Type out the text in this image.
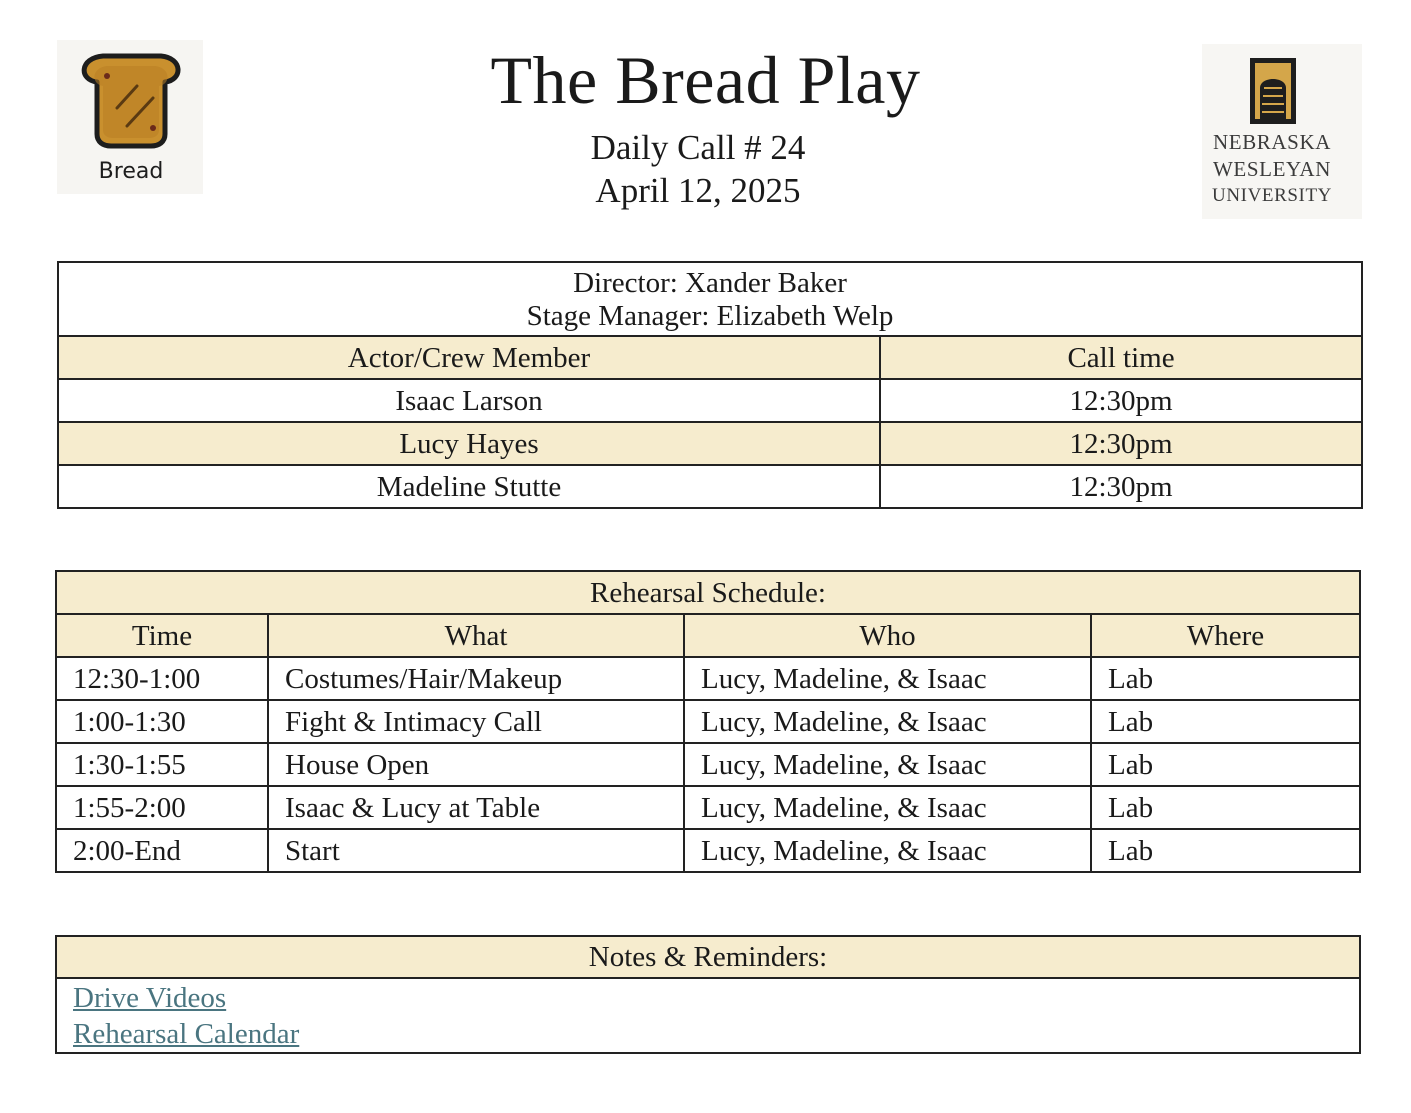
Bread
The Bread Play
Daily Call # 24
April 12, 2025
NEBRASKA
WESLEYAN
UNIVERSITY
Director: Xander Baker
Stage Manager: Elizabeth Welp	

Actor/Crew Member	Call time
Isaac Larson	12:30pm
Lucy Hayes	12:30pm
Madeline Stutte	12:30pm
Rehearsal Schedule:			
Time	What	Who	Where
12:30-1:00	Costumes/Hair/Makeup	Lucy, Madeline, & Isaac	Lab
1:00-1:30	Fight & Intimacy Call	Lucy, Madeline, & Isaac	Lab
1:30-1:55	House Open	Lucy, Madeline, & Isaac	Lab
1:55-2:00	Isaac & Lucy at Table	Lucy, Madeline, & Isaac	Lab
2:00-End	Start	Lucy, Madeline, & Isaac	Lab
Notes & Reminders:

Drive Videos
Rehearsal Calendar
